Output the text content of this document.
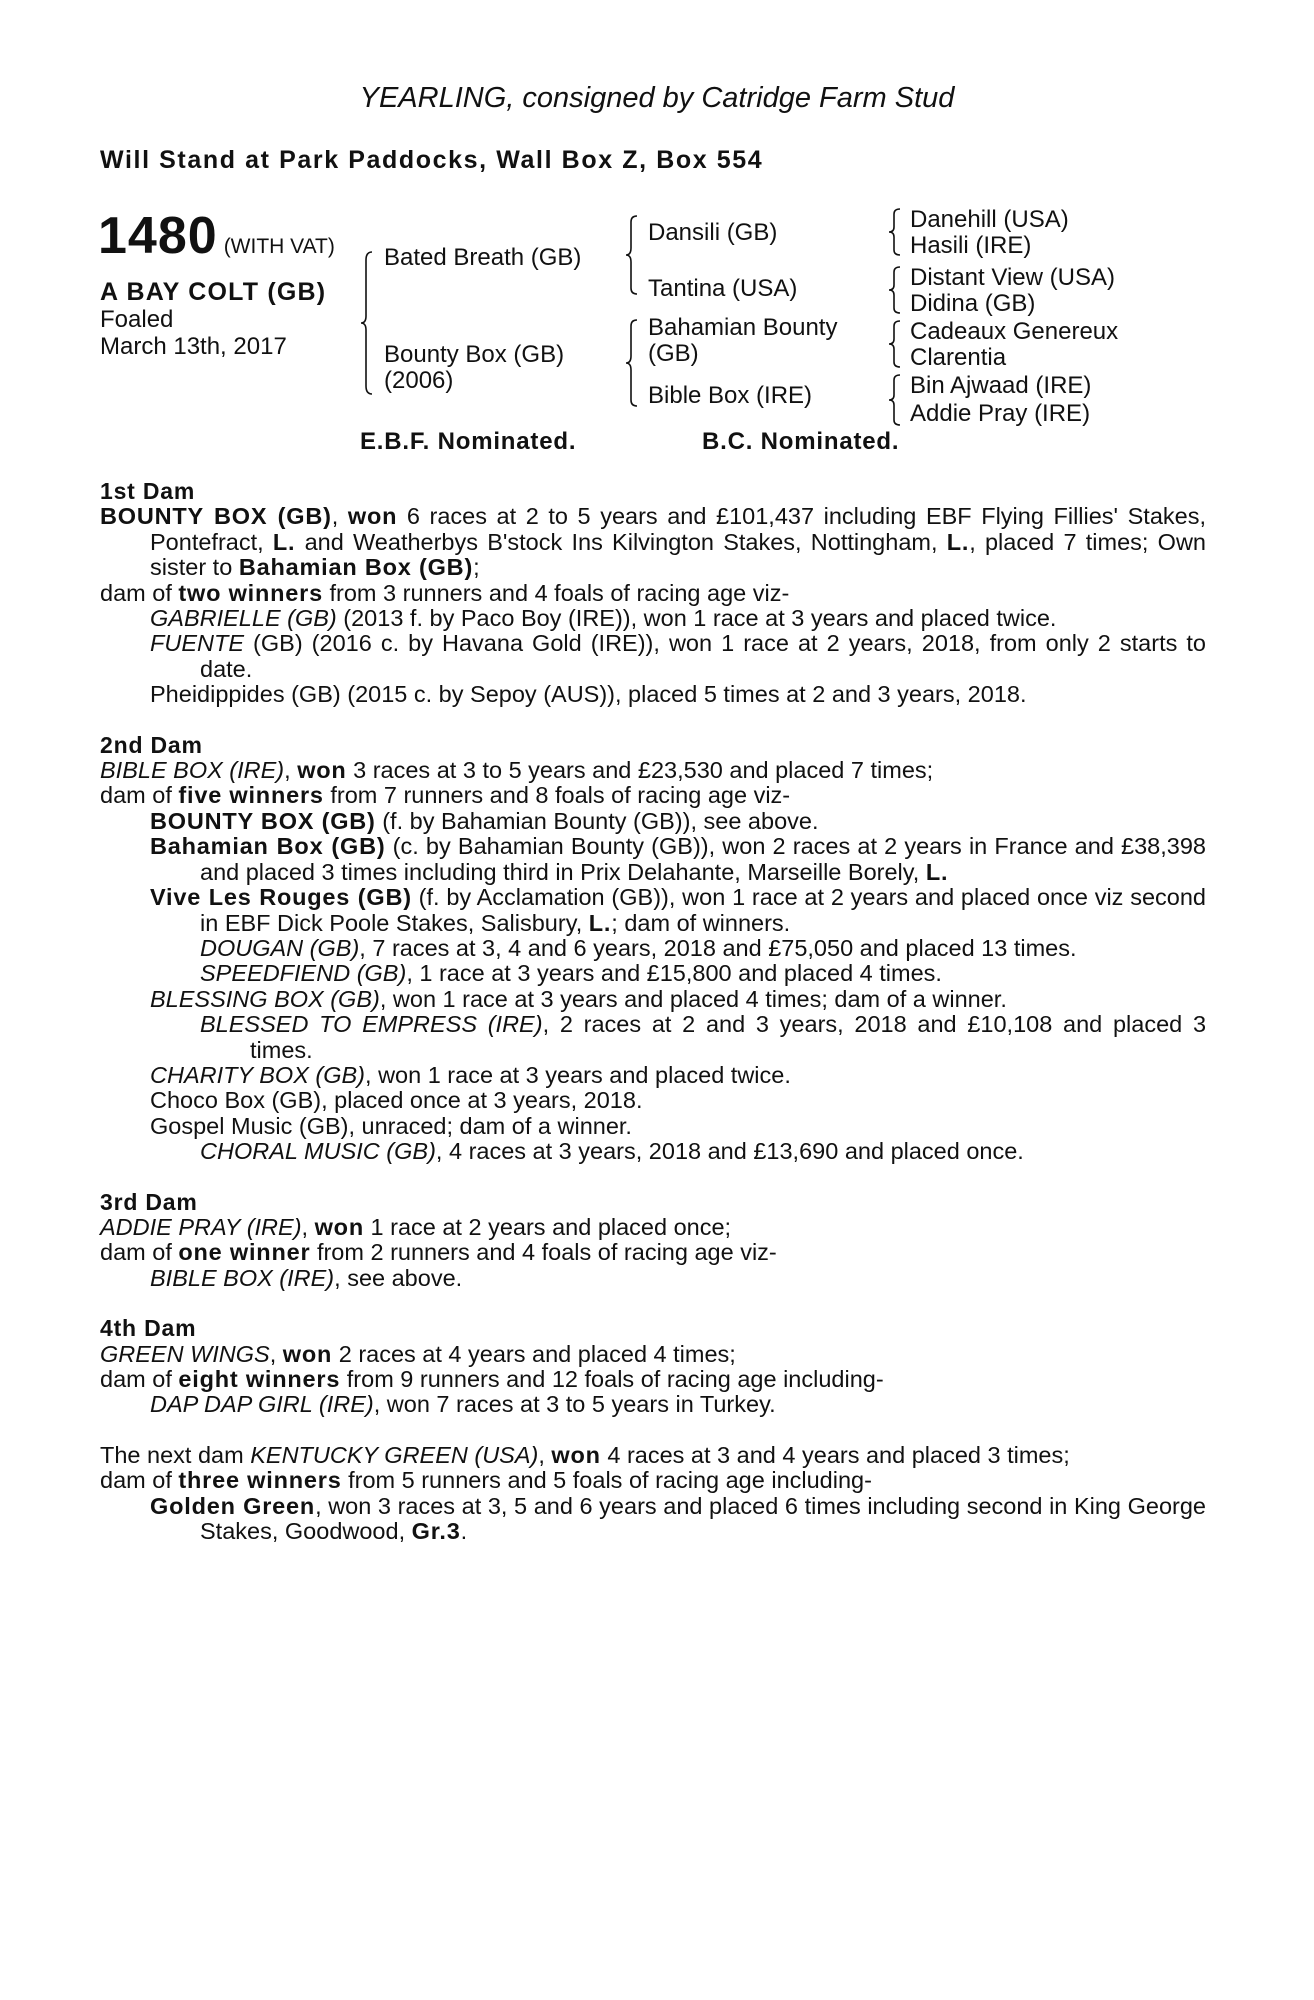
YEARLING, consigned by Catridge Farm Stud
Will Stand at Park Paddocks, Wall Box Z, Box 554
1480 (WITH VAT)
A BAY COLT (GB)
Foaled
March 13th, 2017
Bated Breath (GB)
Bounty Box (GB)
(2006)
Dansili (GB)
Tantina (USA)
Bahamian Bounty
(GB)
Bible Box (IRE)
Danehill (USA)
Hasili (IRE)
Distant View (USA)
Didina (GB)
Cadeaux Genereux
Clarentia
Bin Ajwaad (IRE)
Addie Pray (IRE)
E.B.F. Nominated.	B.C. Nominated.

1st Dam

BOUNTY BOX (GB), won 6 races at 2 to 5 years and £101,437 including EBF Flying Fillies' Stakes, Pontefract, L. and Weatherbys B'stock Ins Kilvington Stakes, Nottingham, L., placed 7 times; Own sister to Bahamian Box (GB);

dam of two winners from 3 runners and 4 foals of racing age viz-

GABRIELLE (GB) (2013 f. by Paco Boy (IRE)), won 1 race at 3 years and placed twice.

FUENTE (GB) (2016 c. by Havana Gold (IRE)), won 1 race at 2 years, 2018, from only 2 starts to date.

Pheidippides (GB) (2015 c. by Sepoy (AUS)), placed 5 times at 2 and 3 years, 2018.

2nd Dam

BIBLE BOX (IRE), won 3 races at 3 to 5 years and £23,530 and placed 7 times;

dam of five winners from 7 runners and 8 foals of racing age viz-

BOUNTY BOX (GB) (f. by Bahamian Bounty (GB)), see above.

Bahamian Box (GB) (c. by Bahamian Bounty (GB)), won 2 races at 2 years in France and £38,398 and placed 3 times including third in Prix Delahante, Marseille Borely, L.

Vive Les Rouges (GB) (f. by Acclamation (GB)), won 1 race at 2 years and placed once viz second in EBF Dick Poole Stakes, Salisbury, L.; dam of winners.

DOUGAN (GB), 7 races at 3, 4 and 6 years, 2018 and £75,050 and placed 13 times.

SPEEDFIEND (GB), 1 race at 3 years and £15,800 and placed 4 times.

BLESSING BOX (GB), won 1 race at 3 years and placed 4 times; dam of a winner.

BLESSED TO EMPRESS (IRE), 2 races at 2 and 3 years, 2018 and £10,108 and placed 3 times.

CHARITY BOX (GB), won 1 race at 3 years and placed twice.

Choco Box (GB), placed once at 3 years, 2018.

Gospel Music (GB), unraced; dam of a winner.

CHORAL MUSIC (GB), 4 races at 3 years, 2018 and £13,690 and placed once.

3rd Dam

ADDIE PRAY (IRE), won 1 race at 2 years and placed once;

dam of one winner from 2 runners and 4 foals of racing age viz-

BIBLE BOX (IRE), see above.

4th Dam

GREEN WINGS, won 2 races at 4 years and placed 4 times;

dam of eight winners from 9 runners and 12 foals of racing age including-

DAP DAP GIRL (IRE), won 7 races at 3 to 5 years in Turkey.

The next dam KENTUCKY GREEN (USA), won 4 races at 3 and 4 years and placed 3 times;

dam of three winners from 5 runners and 5 foals of racing age including-

Golden Green, won 3 races at 3, 5 and 6 years and placed 6 times including second in King George Stakes, Goodwood, Gr.3.
